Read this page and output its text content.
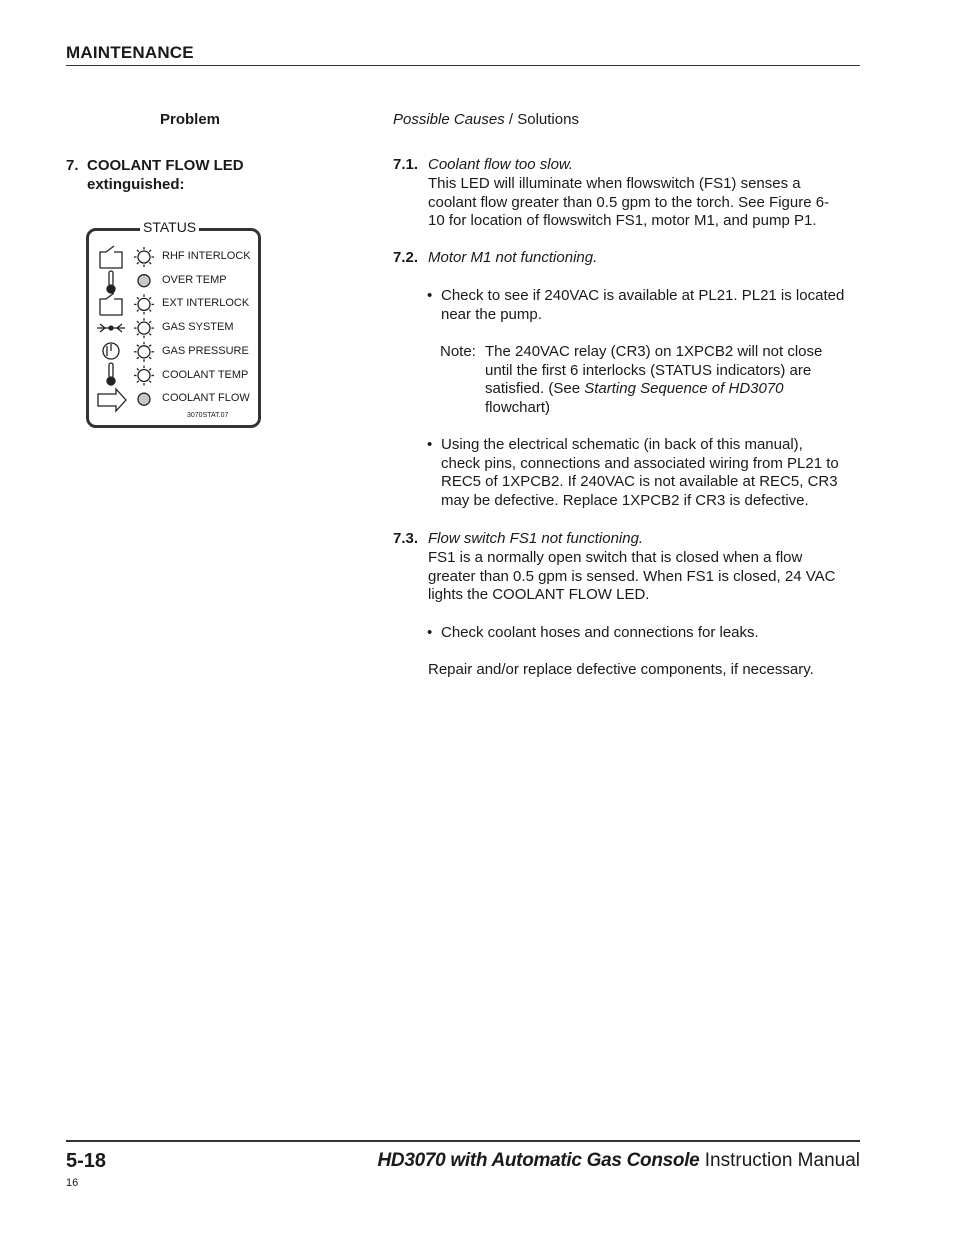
MAINTENANCE
Problem	Possible Causes / Solutions
7. COOLANT FLOW LED
extinguished:
STATUS
RHF INTERLOCK
OVER TEMP
EXT INTERLOCK
GAS SYSTEM
GAS PRESSURE
COOLANT TEMP
COOLANT FLOW
3070STAT.07
7.1. Coolant flow too slow.
This LED will illuminate when flowswitch (FS1) senses a
coolant flow greater than 0.5 gpm to the torch. See Figure 6-
10 for location of flowswitch FS1, motor M1, and pump P1.
7.2. Motor M1 not functioning.
• Check to see if 240VAC is available at PL21. PL21 is located
near the pump.
Note: The 240VAC relay (CR3) on 1XPCB2 will not close
until the first 6 interlocks (STATUS indicators) are
satisfied. (See Starting Sequence of HD3070
flowchart)
• Using the electrical schematic (in back of this manual),
check pins, connections and associated wiring from PL21 to
REC5 of 1XPCB2. If 240VAC is not available at REC5, CR3
may be defective. Replace 1XPCB2 if CR3 is defective.
7.3. Flow switch FS1 not functioning.
FS1 is a normally open switch that is closed when a flow
greater than 0.5 gpm is sensed. When FS1 is closed, 24 VAC
lights the COOLANT FLOW LED.
• Check coolant hoses and connections for leaks.
Repair and/or replace defective components, if necessary.
5-18	HD3070 with Automatic Gas Console Instruction Manual
16
